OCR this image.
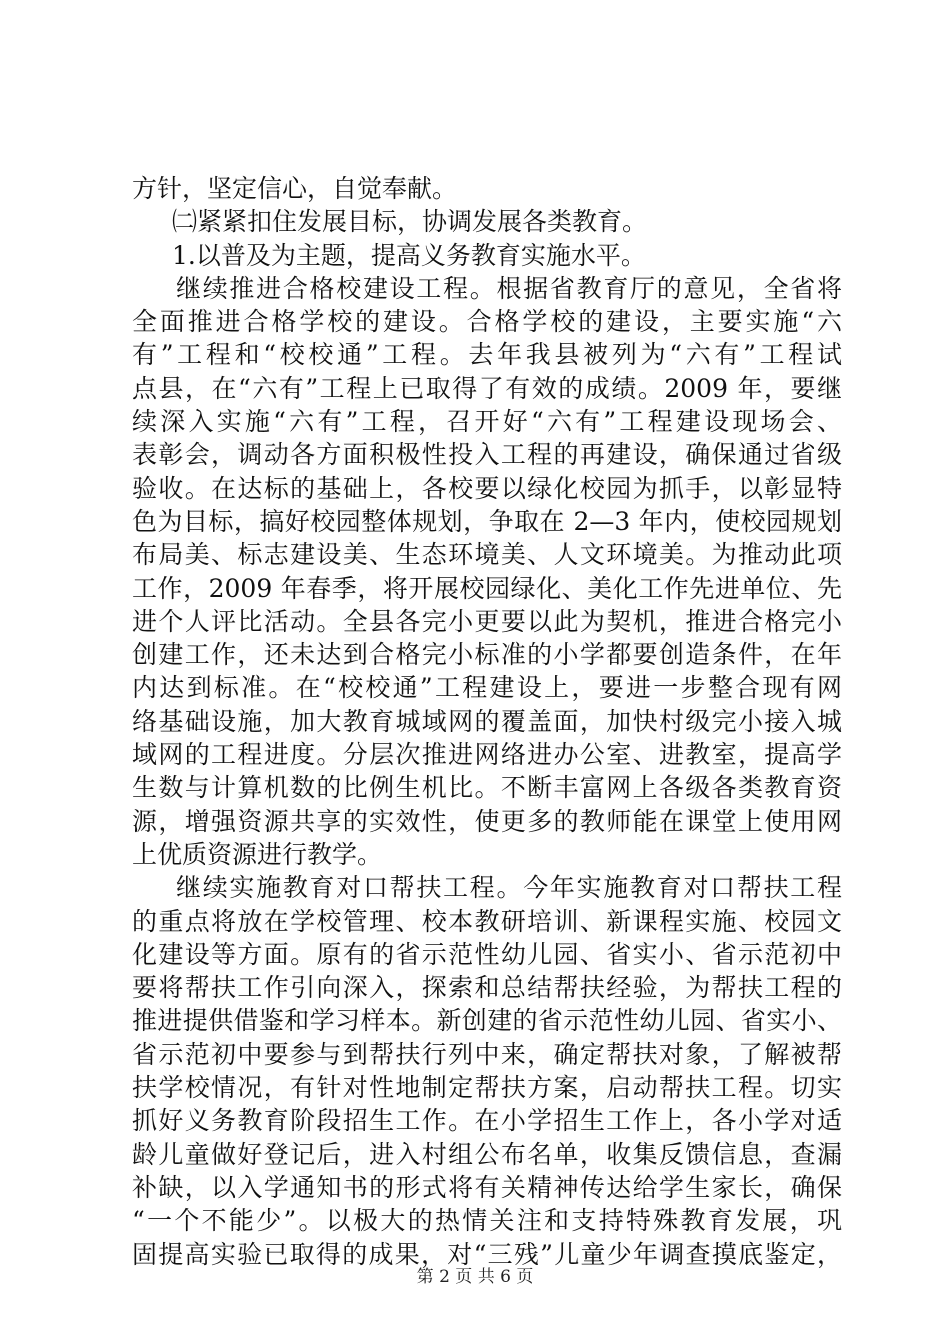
方针，坚定信心，自觉奉献。
㈡紧紧扣住发展目标，协调发展各类教育。
1.以普及为主题，提高义务教育实施水平。
继续推进合格校建设工程。根据省教育厅的意见，全省将
全面推进合格学校的建设。合格学校的建设，主要实施“六
有”工程和“校校通”工程。去年我县被列为“六有”工程试
点县，在“六有”工程上已取得了有效的成绩。2009 年，要继
续深入实施“六有”工程，召开好“六有”工程建设现场会、
表彰会，调动各方面积极性投入工程的再建设，确保通过省级
验收。在达标的基础上，各校要以绿化校园为抓手，以彰显特
色为目标，搞好校园整体规划，争取在 2—3 年内，使校园规划
布局美、标志建设美、生态环境美、人文环境美。为推动此项
工作，2009 年春季，将开展校园绿化、美化工作先进单位、先
进个人评比活动。全县各完小更要以此为契机，推进合格完小
创建工作，还未达到合格完小标准的小学都要创造条件，在年
内达到标准。在“校校通”工程建设上，要进一步整合现有网
络基础设施，加大教育城域网的覆盖面，加快村级完小接入城
域网的工程进度。分层次推进网络进办公室、进教室，提高学
生数与计算机数的比例生机比。不断丰富网上各级各类教育资
源，增强资源共享的实效性，使更多的教师能在课堂上使用网
上优质资源进行教学。
继续实施教育对口帮扶工程。今年实施教育对口帮扶工程
的重点将放在学校管理、校本教研培训、新课程实施、校园文
化建设等方面。原有的省示范性幼儿园、省实小、省示范初中
要将帮扶工作引向深入，探索和总结帮扶经验，为帮扶工程的
推进提供借鉴和学习样本。新创建的省示范性幼儿园、省实小、
省示范初中要参与到帮扶行列中来，确定帮扶对象，了解被帮
扶学校情况，有针对性地制定帮扶方案，启动帮扶工程。切实
抓好义务教育阶段招生工作。在小学招生工作上，各小学对适
龄儿童做好登记后，进入村组公布名单，收集反馈信息，查漏
补缺，以入学通知书的形式将有关精神传达给学生家长，确保
“一个不能少”。以极大的热情关注和支持特殊教育发展，巩
固提高实验已取得的成果，对“三残”儿童少年调查摸底鉴定，
第 2 页 共 6 页
